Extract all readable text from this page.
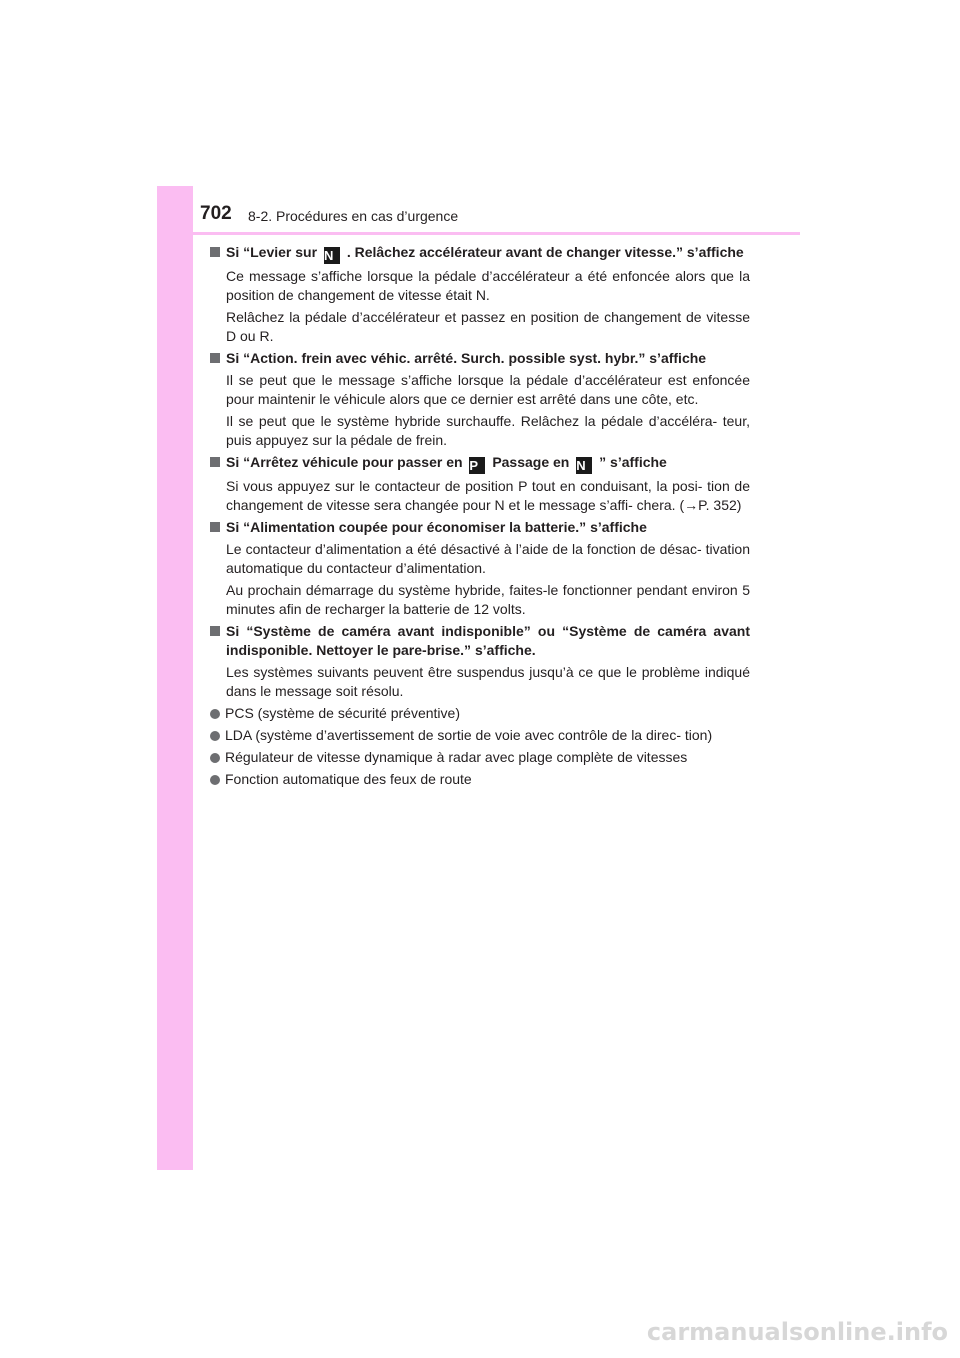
702 8-2. Procédures en cas d’urgence
Si “Levier sur N . Relâchez accélérateur avant de changer vitesse.” s’affiche
Ce message s’affiche lorsque la pédale d’accélérateur a été enfoncée alors que la position de changement de vitesse était N.
Relâchez la pédale d’accélérateur et passez en position de changement de vitesse D ou R.
Si “Action. frein avec véhic. arrêté. Surch. possible syst. hybr.” s’affiche
Il se peut que le message s’affiche lorsque la pédale d’accélérateur est enfoncée pour maintenir le véhicule alors que ce dernier est arrêté dans une côte, etc.
Il se peut que le système hybride surchauffe. Relâchez la pédale d’accéléra- teur, puis appuyez sur la pédale de frein.
Si “Arrêtez véhicule pour passer en P Passage en N ” s’affiche
Si vous appuyez sur le contacteur de position P tout en conduisant, la posi- tion de changement de vitesse sera changée pour N et le message s’affi- chera. (→P. 352)
Si “Alimentation coupée pour économiser la batterie.” s’affiche
Le contacteur d’alimentation a été désactivé à l’aide de la fonction de désac- tivation automatique du contacteur d’alimentation.
Au prochain démarrage du système hybride, faites-le fonctionner pendant environ 5 minutes afin de recharger la batterie de 12 volts.
Si “Système de caméra avant indisponible” ou “Système de caméra avant indisponible. Nettoyer le pare-brise.” s’affiche.
Les systèmes suivants peuvent être suspendus jusqu’à ce que le problème indiqué dans le message soit résolu.
PCS (système de sécurité préventive)
LDA (système d’avertissement de sortie de voie avec contrôle de la direc- tion)
Régulateur de vitesse dynamique à radar avec plage complète de vitesses
Fonction automatique des feux de route
carmanualsonline.info
